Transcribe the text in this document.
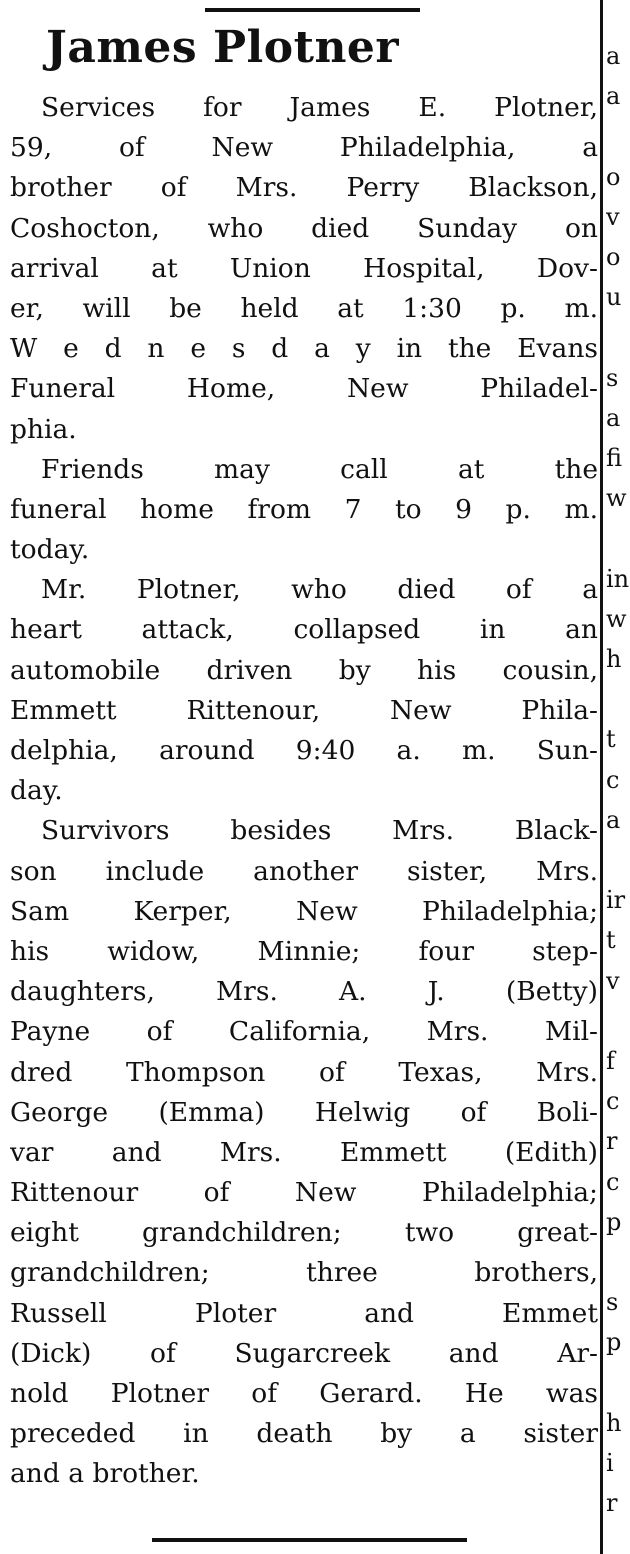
James Plotner
Services for James E. Plotner,
59, of New Philadelphia, a
brother of Mrs. Perry Blackson,
Coshocton, who died Sunday on
arrival at Union Hospital, Dov-
er, will be held at 1:30 p. m.
W e d n e s d a y in the Evans
Funeral Home, New Philadel-
phia.
Friends may call at the
funeral home from 7 to 9 p. m.
today.
Mr. Plotner, who died of a
heart attack, collapsed in an
automobile driven by his cousin,
Emmett Rittenour, New Phila-
delphia, around 9:40 a. m. Sun-
day.
Survivors besides Mrs. Black-
son include another sister, Mrs.
Sam Kerper, New Philadelphia;
his widow, Minnie; four step-
daughters, Mrs. A. J. (Betty)
Payne of California, Mrs. Mil-
dred Thompson of Texas, Mrs.
George (Emma) Helwig of Boli-
var and Mrs. Emmett (Edith)
Rittenour of New Philadelphia;
eight grandchildren; two great-
grandchildren; three brothers,
Russell Ploter and Emmet
(Dick) of Sugarcreek and Ar-
nold Plotner of Gerard. He was
preceded in death by a sister
and a brother.
a
a
o
v
o
u
s
a
fi
w
in
w
h
t
c
a
ir
t
v
f
c
r
c
p
s
p
h
i
r
